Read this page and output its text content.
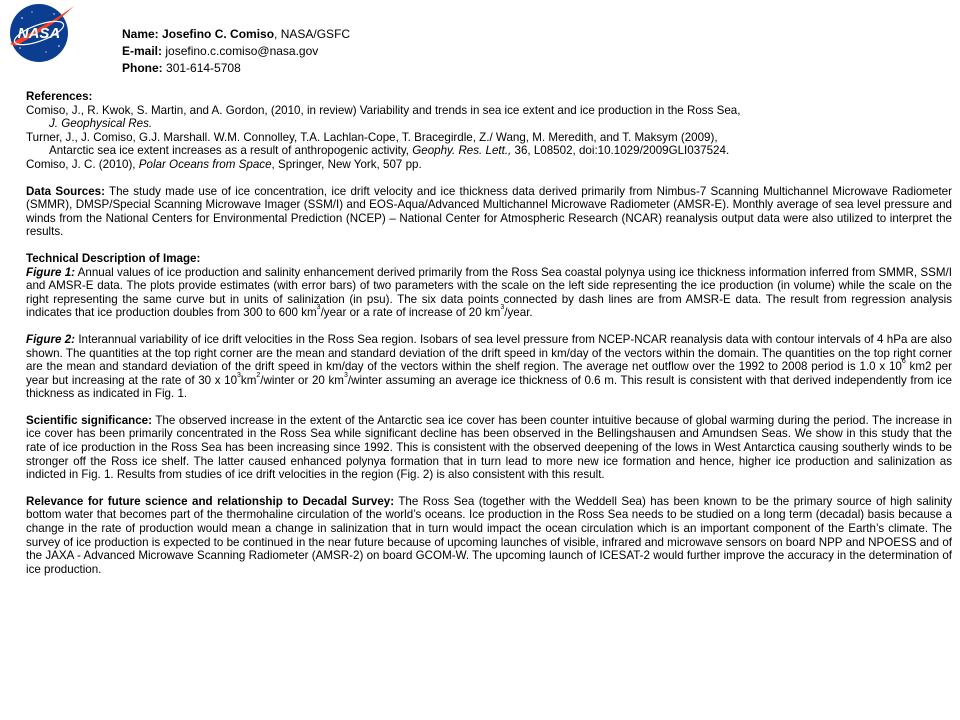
NASA	Name: Josefino C. Comiso, NASA/GSFC
E-mail: josefino.c.comiso@nasa.gov
Phone: 301-614-5708
References:
Comiso, J., R. Kwok, S. Martin, and A. Gordon, (2010, in review) Variability and trends in sea ice extent and ice production in the Ross Sea,
J. Geophysical Res.
Turner, J., J. Comiso, G.J. Marshall. W.M. Connolley, T.A. Lachlan-Cope, T. Bracegirdle, Z./ Wang, M. Meredith, and T. Maksym (2009),
Antarctic sea ice extent increases as a result of anthropogenic activity, Geophy. Res. Lett., 36, L08502, doi:10.1029/2009GLI037524.
Comiso, J. C. (2010), Polar Oceans from Space, Springer, New York, 507 pp.

Data Sources: The study made use of ice concentration, ice drift velocity and ice thickness data derived primarily from Nimbus-7 Scanning Multichannel Microwave Radiometer (SMMR), DMSP/Special Scanning Microwave Imager (SSM/I) and EOS-Aqua/Advanced Multichannel Microwave Radiometer (AMSR-E). Monthly average of sea level pressure and winds from the National Centers for Environmental Prediction (NCEP) – National Center for Atmospheric Research (NCAR) reanalysis output data were also utilized to interpret the results.

Technical Description of Image:

Figure 1: Annual values of ice production and salinity enhancement derived primarily from the Ross Sea coastal polynya using ice thickness information inferred from SMMR, SSM/I and AMSR-E data. The plots provide estimates (with error bars) of two parameters with the scale on the left side representing the ice production (in volume) while the scale on the right representing the same curve but in units of salinization (in psu). The six data points connected by dash lines are from AMSR-E data. The result from regression analysis indicates that ice production doubles from 300 to 600 $km^3$/year or a rate of increase of 20 $km^3$/year.

Figure 2: Interannual variability of ice drift velocities in the Ross Sea region. Isobars of sea level pressure from NCEP-NCAR reanalysis data with contour intervals of 4 hPa are also shown. The quantities at the top right corner are the mean and standard deviation of the drift speed in km/day of the vectors within the domain. The quantities on the top right corner are the mean and standard deviation of the drift speed in km/day of the vectors within the shelf region. The average net outflow over the 1992 to 2008 period is 1.0 x $10^6$ km2 per year but increasing at the rate of 30 x $10^3km^2$/winter or 20 $km^3$/winter assuming an average ice thickness of 0.6 m. This result is consistent with that derived independently from ice thickness as indicated in Fig. 1.

Scientific significance: The observed increase in the extent of the Antarctic sea ice cover has been counter intuitive because of global warming during the period. The increase in ice cover has been primarily concentrated in the Ross Sea while significant decline has been observed in the Bellingshausen and Amundsen Seas. We show in this study that the rate of ice production in the Ross Sea has been increasing since 1992. This is consistent with the observed deepening of the lows in West Antarctica causing southerly winds to be stronger off the Ross ice shelf. The latter caused enhanced polynya formation that in turn lead to more new ice formation and hence, higher ice production and salinization as indicted in Fig. 1. Results from studies of ice drift velocities in the region (Fig. 2) is also consistent with this result.

Relevance for future science and relationship to Decadal Survey: The Ross Sea (together with the Weddell Sea) has been known to be the primary source of high salinity bottom water that becomes part of the thermohaline circulation of the world’s oceans. Ice production in the Ross Sea needs to be studied on a long term (decadal) basis because a change in the rate of production would mean a change in salinization that in turn would impact the ocean circulation which is an important component of the Earth’s climate. The survey of ice production is expected to be continued in the near future because of upcoming launches of visible, infrared and microwave sensors on board NPP and NPOESS and of the JAXA - Advanced Microwave Scanning Radiometer (AMSR-2) on board GCOM-W. The upcoming launch of ICESAT-2 would further improve the accuracy in the determination of ice production.
